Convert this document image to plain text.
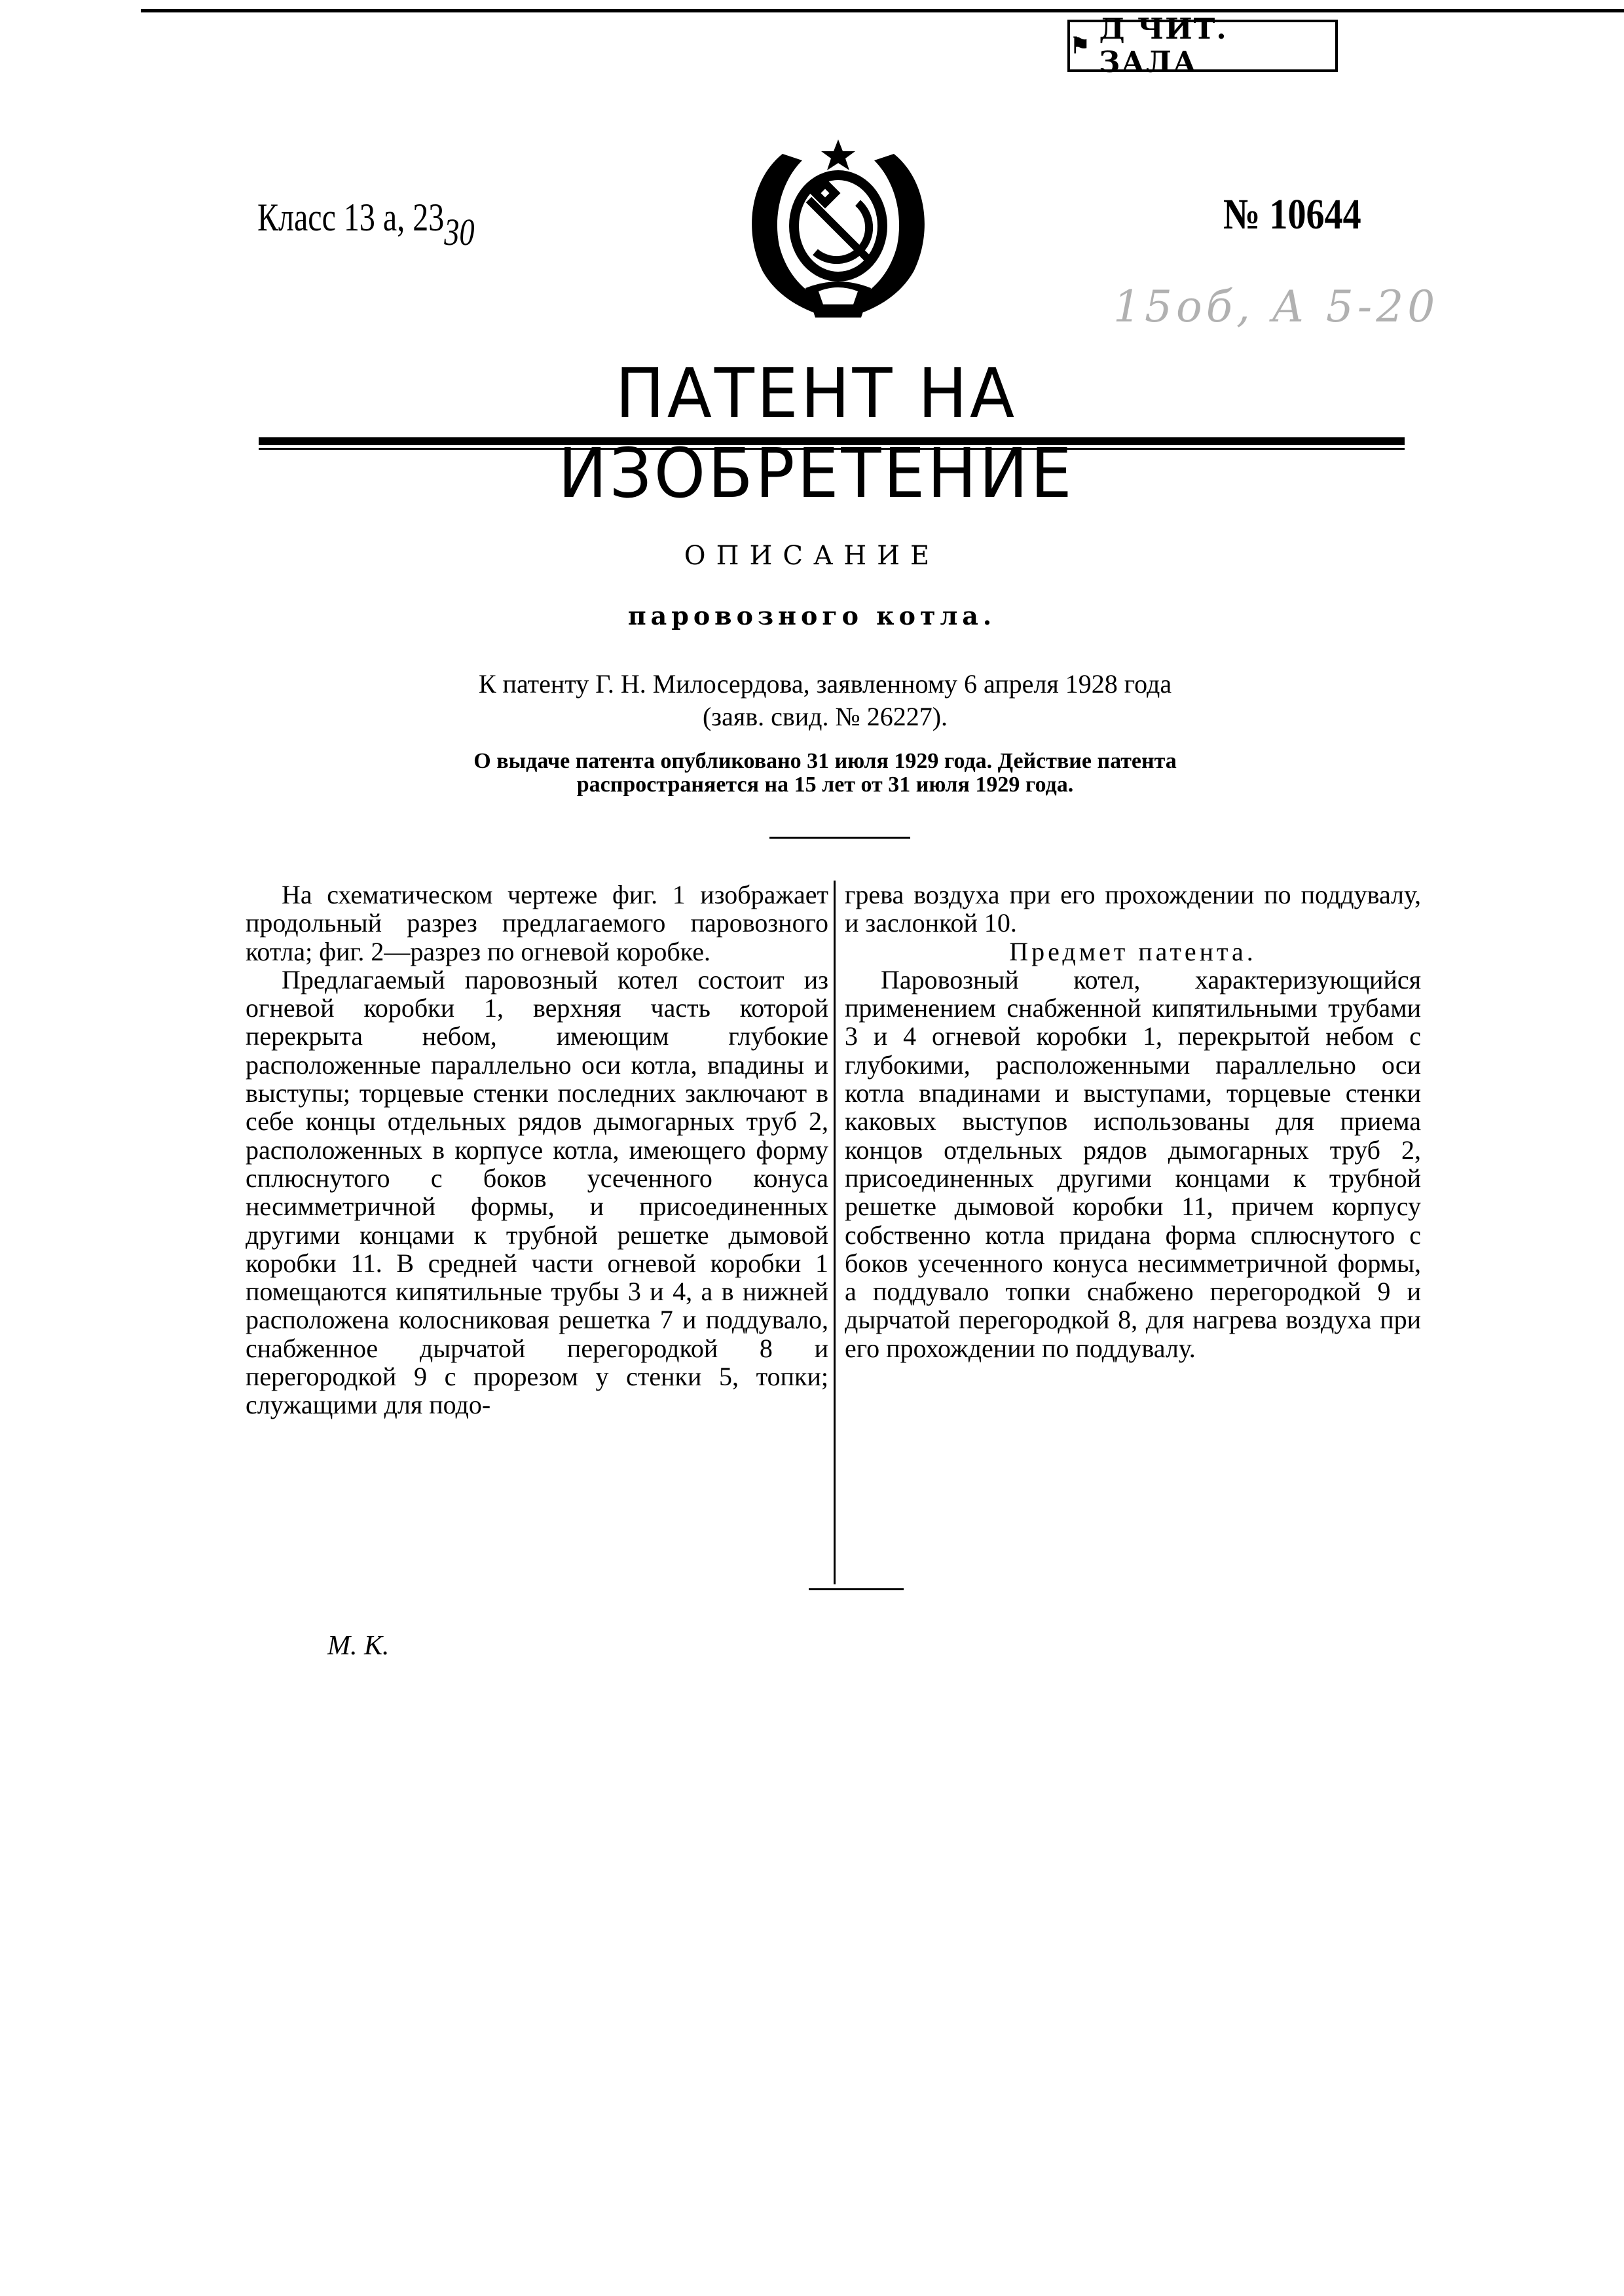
⚑ Д ЧИТ. ЗАЛА
Класс 13 а, 2330	№ 10644
15об, А 5-20
ПАТЕНТ НА ИЗОБРЕТЕНИЕ
ОПИСАНИЕ
паровозного котла.
К патенту Г. Н. Милосердова, заявленному 6 апреля 1928 года
(заяв. свид. № 26227).
О выдаче патента опубликовано 31 июля 1929 года. Действие патента
распространяется на 15 лет от 31 июля 1929 года.

На схематическом чертеже фиг. 1 изображает продольный разрез предлагаемого паровозного котла; фиг. 2—разрез по огневой коробке.

Предлагаемый паровозный котел состоит из огневой коробки 1, верхняя часть которой перекрыта небом, имеющим глубокие расположенные параллельно оси котла, впадины и выступы; торцевые стенки последних заключают в себе концы отдельных рядов дымогарных труб 2, расположенных в корпусе котла, имеющего форму сплюснутого с боков усеченного конуса несимметричной формы, и присоединенных другими концами к трубной решетке дымовой коробки 11. В средней части огневой коробки 1 помещаются кипятильные трубы 3 и 4, а в нижней расположена колосниковая решетка 7 и поддувало, снабженное дырчатой перегородкой 8 и перегородкой 9 с прорезом у стенки 5, топки; служащими для подо-

грева воздуха при его прохождении по поддувалу, и заслонкой 10.

Предмет патента.

Паровозный котел, характеризующийся применением снабженной кипятильными трубами 3 и 4 огневой коробки 1, перекрытой небом с глубокими, расположенными параллельно оси котла впадинами и выступами, торцевые стенки каковых выступов использованы для приема концов отдельных рядов дымогарных труб 2, присоединенных другими концами к трубной решетке дымовой коробки 11, причем корпусу собственно котла придана форма сплюснутого с боков усеченного конуса несимметричной формы, а поддувало топки снабжено перегородкой 9 и дырчатой перегородкой 8, для нагрева воздуха при его прохождении по поддувалу.

М. К.
